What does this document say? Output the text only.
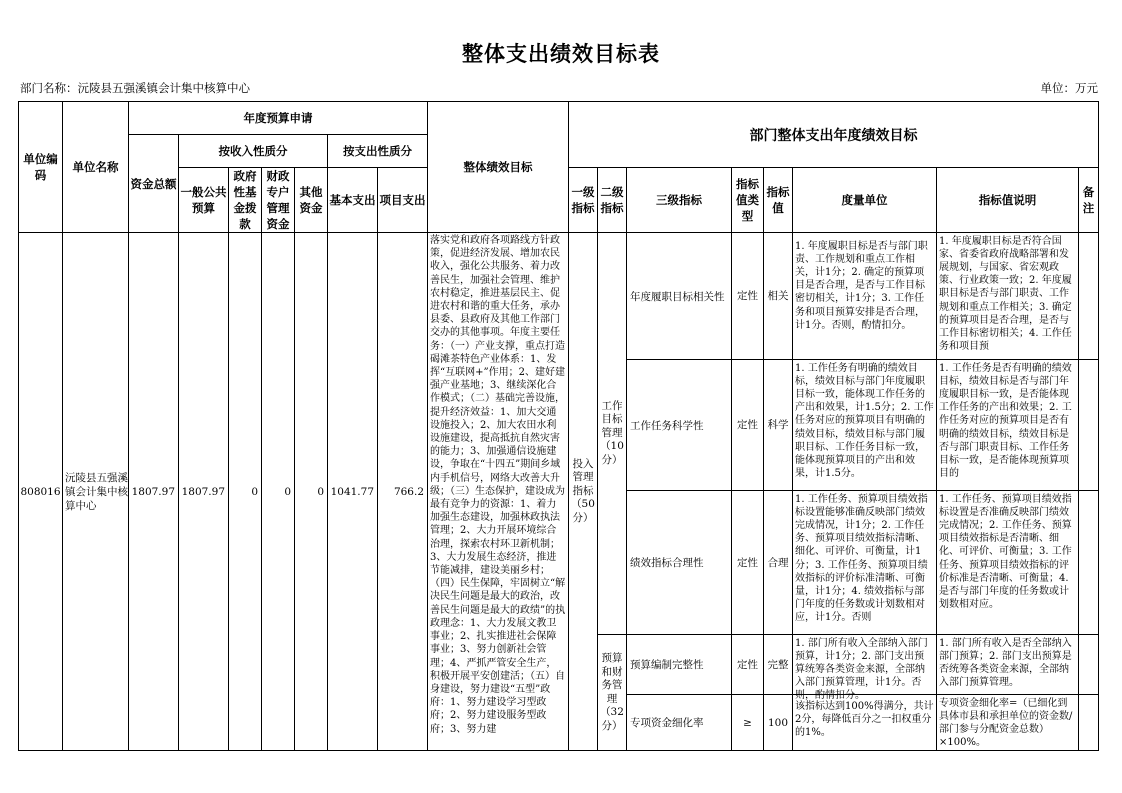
整体支出绩效目标表
部门名称：沅陵县五强溪镇会计集中核算中心	单位：万元
单位编码	单位名称	年度预算申请							整体绩效目标	部门整体支出年度绩效目标							
		资金总额	按收入性质分				按支出性质分										
			一般公共预算	政府性基金拨款	财政专户管理资金	其他资金	基本支出	项目支出		一级指标	二级指标	三级指标	指标值类型	指标值	度量单位	指标值说明	备注
808016	沅陵县五强溪镇会计集中核算中心	1807.97	1807.97	0	0	0	1041.77	766.2	落实党和政府各项路线方针政策，促进经济发展、增加农民收入，强化公共服务、着力改善民生，加强社会管理、维护农村稳定，推进基层民主、促进农村和谐的重大任务，承办县委、县政府及其他工作部门交办的其他事项。年度主要任务：（一）产业支撑，重点打造碣滩茶特色产业体系：1、发挥“互联网+”作用；2、建好建强产业基地；3、继续深化合作模式；（二）基础完善设施，提升经济效益：1、加大交通设施投入；2、加大农田水利设施建设，提高抵抗自然灾害的能力；3、加强通信设施建设，争取在“十四五”期间乡域内手机信号，网络大改善大升级；（三）生态保护，建设成为最有竞争力的资源：1、着力加强生态建设，加强林政执法管理；2、大力开展环境综合治理，探索农村环卫新机制；3、大力发展生态经济，推进节能减排，建设美丽乡村；（四）民生保障，牢固树立“解决民生问题是最大的政治，改善民生问题是最大的政绩”的执政理念：1、大力发展文教卫事业；2、扎实推进社会保障事业；3、努力创新社会管理；4、严抓严管安全生产，积极开展平安创建活；（五）自身建设，努力建设“五型”政府：1、努力建设学习型政府；2、努力建设服务型政府；3、努力建	投入管理指标（50分）	工作目标管理（10分）	年度履职目标相关性	定性	相关	1. 年度履职目标是否与部门职责、工作规划和重点工作相关，计1分；2. 确定的预算项目是否合理，是否与工作目标密切相关，计1分；3. 工作任务和项目预算安排是否合理，计1分。否则，酌情扣分。	1. 年度履职目标是否符合国家、省委省政府战略部署和发展规划，与国家、省宏观政策、行业政策一致；2. 年度履职目标是否与部门职责、工作规划和重点工作相关；3. 确定的预算项目是否合理，是否与工作目标密切相关；4. 工作任务和项目预	

												工作任务科学性	定性	科学	1. 工作任务有明确的绩效目标，绩效目标与部门年度履职目标一致，能体现工作任务的产出和效果，计1.5分；2. 工作任务对应的预算项目有明确的绩效目标，绩效目标与部门履职目标、工作任务目标一致，能体现预算项目的产出和效果，计1.5分。	1. 工作任务是否有明确的绩效目标，绩效目标是否与部门年度履职目标一致，是否能体现工作任务的产出和效果；2. 工作任务对应的预算项目是否有明确的绩效目标，绩效目标是否与部门职责目标、工作任务目标一致，是否能体现预算项目的	

												绩效指标合理性	定性	合理	1. 工作任务、预算项目绩效指标设置能够准确反映部门绩效完成情况，计1分；2. 工作任务、预算项目绩效指标清晰、细化、可评价、可衡量，计1分；3. 工作任务、预算项目绩效指标的评价标准清晰、可衡量，计1分；4. 绩效指标与部门年度的任务数或计划数相对应，计1分。否则	1. 工作任务、预算项目绩效指标设置是否准确反映部门绩效完成情况；2. 工作任务、预算项目绩效指标是否清晰、细化、可评价、可衡量；3. 工作任务、预算项目绩效指标的评价标准是否清晰、可衡量；4. 是否与部门年度的任务数或计划数相对应。	

											预算和财务管理（32分）	预算编制完整性	定性	完整	1. 部门所有收入全部纳入部门预算，计1分；2. 部门支出预算统筹各类资金来源，全部纳入部门预算管理，计1分。否则，酌情扣分。	1. 部门所有收入是否全部纳入部门预算；2. 部门支出预算是否统筹各类资金来源，全部纳入部门预算管理。	

												专项资金细化率	≥	100	该指标达到100%得满分，共计2分，每降低百分之一扣权重分的1%。	专项资金细化率=（已细化到具体市县和承担单位的资金数/部门参与分配资金总数）×100%。	
